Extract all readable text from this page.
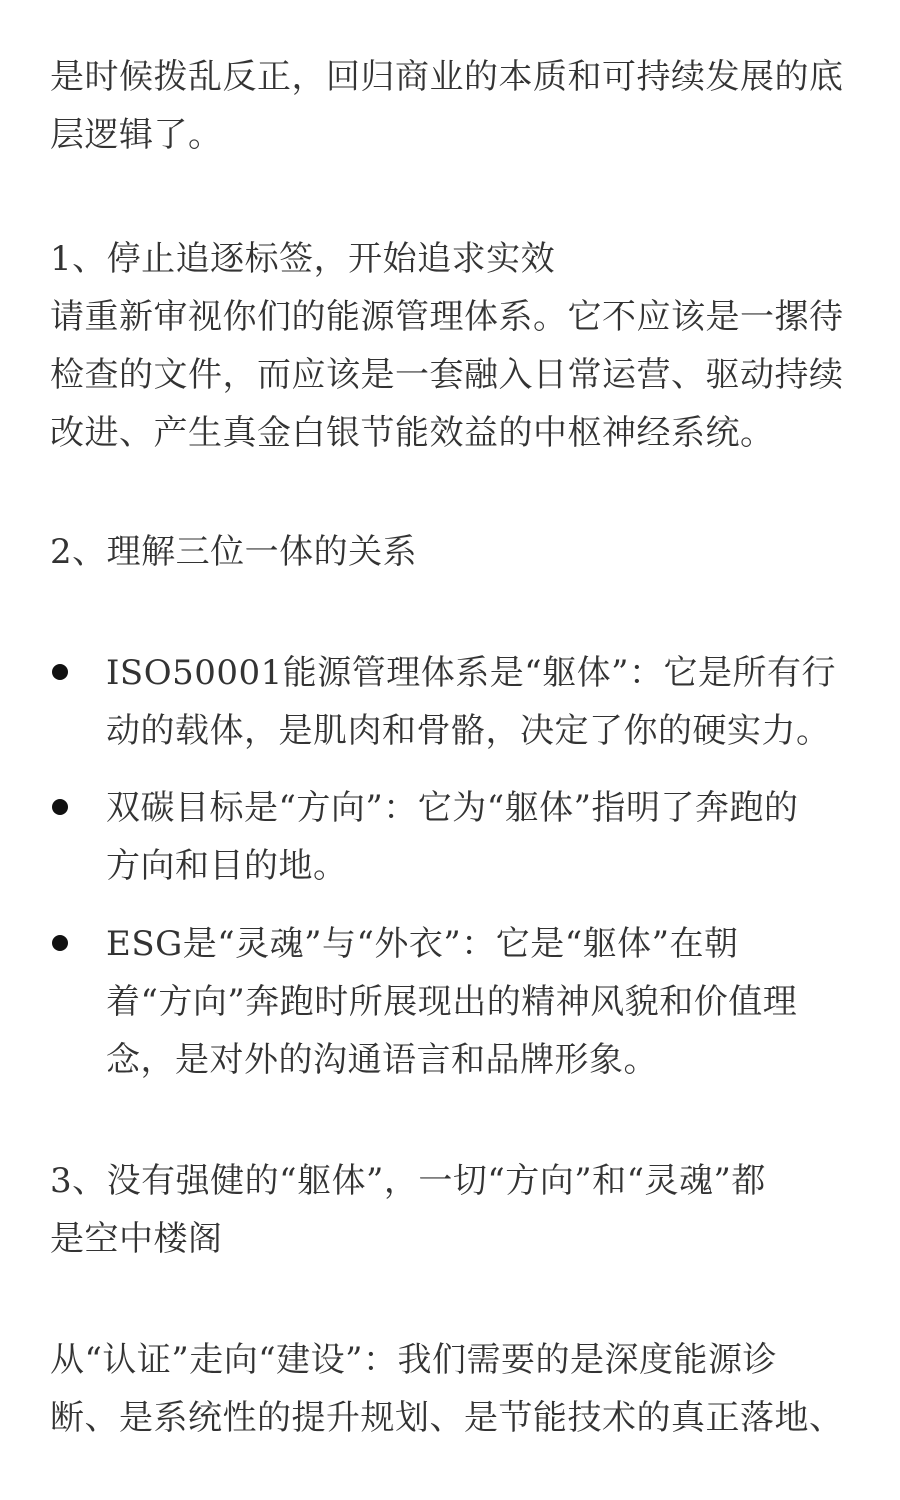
是时候拨乱反正，回归商业的本质和可持续发展的底
层逻辑了。
1、停止追逐标签，开始追求实效
请重新审视你们的能源管理体系。它不应该是一摞待
检查的文件，而应该是一套融入日常运营、驱动持续
改进、产生真金白银节能效益的中枢神经系统。
2、理解三位一体的关系
ISO50001能源管理体系是“躯体”：它是所有行
动的载体，是肌肉和骨骼，决定了你的硬实力。
双碳目标是“方向”：它为“躯体”指明了奔跑的
方向和目的地。
ESG是“灵魂”与“外衣”：它是“躯体”在朝
着“方向”奔跑时所展现出的精神风貌和价值理
念，是对外的沟通语言和品牌形象。
3、没有强健的“躯体”，一切“方向”和“灵魂”都
是空中楼阁
从“认证”走向“建设”：我们需要的是深度能源诊
断、是系统性的提升规划、是节能技术的真正落地、
